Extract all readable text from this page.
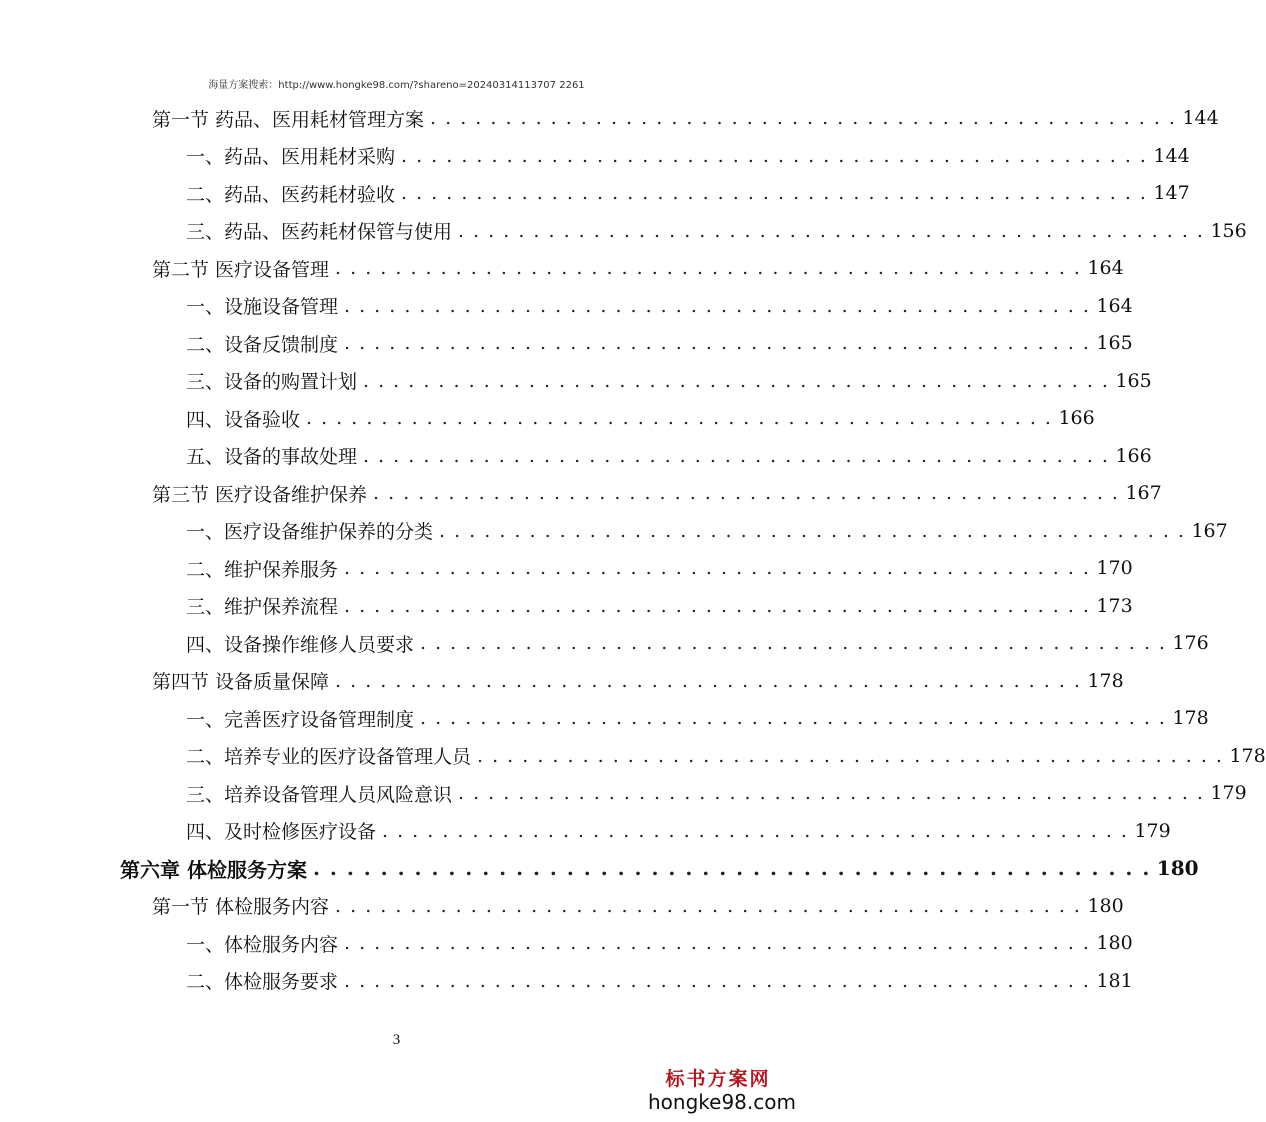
海量方案搜索：http://www.hongke98.com/?shareno=20240314113707 2261
第一节 药品、医用耗材管理方案 . . . . . . . . . . . . . . . . . . . . . . . . . . . . . . . . . . . . . . . . . . . . . . . . . . 144
一、药品、医用耗材采购 . . . . . . . . . . . . . . . . . . . . . . . . . . . . . . . . . . . . . . . . . . . . . . . . . . 144
二、药品、医药耗材验收 . . . . . . . . . . . . . . . . . . . . . . . . . . . . . . . . . . . . . . . . . . . . . . . . . . 147
三、药品、医药耗材保管与使用 . . . . . . . . . . . . . . . . . . . . . . . . . . . . . . . . . . . . . . . . . . . . . . . . . . 156
第二节 医疗设备管理 . . . . . . . . . . . . . . . . . . . . . . . . . . . . . . . . . . . . . . . . . . . . . . . . . . 164
一、设施设备管理 . . . . . . . . . . . . . . . . . . . . . . . . . . . . . . . . . . . . . . . . . . . . . . . . . . 164
二、设备反馈制度 . . . . . . . . . . . . . . . . . . . . . . . . . . . . . . . . . . . . . . . . . . . . . . . . . . 165
三、设备的购置计划 . . . . . . . . . . . . . . . . . . . . . . . . . . . . . . . . . . . . . . . . . . . . . . . . . . 165
四、设备验收 . . . . . . . . . . . . . . . . . . . . . . . . . . . . . . . . . . . . . . . . . . . . . . . . . . 166
五、设备的事故处理 . . . . . . . . . . . . . . . . . . . . . . . . . . . . . . . . . . . . . . . . . . . . . . . . . . 166
第三节 医疗设备维护保养 . . . . . . . . . . . . . . . . . . . . . . . . . . . . . . . . . . . . . . . . . . . . . . . . . . 167
一、医疗设备维护保养的分类 . . . . . . . . . . . . . . . . . . . . . . . . . . . . . . . . . . . . . . . . . . . . . . . . . . 167
二、维护保养服务 . . . . . . . . . . . . . . . . . . . . . . . . . . . . . . . . . . . . . . . . . . . . . . . . . . 170
三、维护保养流程 . . . . . . . . . . . . . . . . . . . . . . . . . . . . . . . . . . . . . . . . . . . . . . . . . . 173
四、设备操作维修人员要求 . . . . . . . . . . . . . . . . . . . . . . . . . . . . . . . . . . . . . . . . . . . . . . . . . . 176
第四节 设备质量保障 . . . . . . . . . . . . . . . . . . . . . . . . . . . . . . . . . . . . . . . . . . . . . . . . . . 178
一、完善医疗设备管理制度 . . . . . . . . . . . . . . . . . . . . . . . . . . . . . . . . . . . . . . . . . . . . . . . . . . 178
二、培养专业的医疗设备管理人员 . . . . . . . . . . . . . . . . . . . . . . . . . . . . . . . . . . . . . . . . . . . . . . . . . . 178
三、培养设备管理人员风险意识 . . . . . . . . . . . . . . . . . . . . . . . . . . . . . . . . . . . . . . . . . . . . . . . . . . 179
四、及时检修医疗设备 . . . . . . . . . . . . . . . . . . . . . . . . . . . . . . . . . . . . . . . . . . . . . . . . . . 179
第六章 体检服务方案 . . . . . . . . . . . . . . . . . . . . . . . . . . . . . . . . . . . . . . . . . . . . . . . . . . 180
第一节 体检服务内容 . . . . . . . . . . . . . . . . . . . . . . . . . . . . . . . . . . . . . . . . . . . . . . . . . . 180
一、体检服务内容 . . . . . . . . . . . . . . . . . . . . . . . . . . . . . . . . . . . . . . . . . . . . . . . . . . 180
二、体检服务要求 . . . . . . . . . . . . . . . . . . . . . . . . . . . . . . . . . . . . . . . . . . . . . . . . . . 181
3
标书方案网
hongke98.com
